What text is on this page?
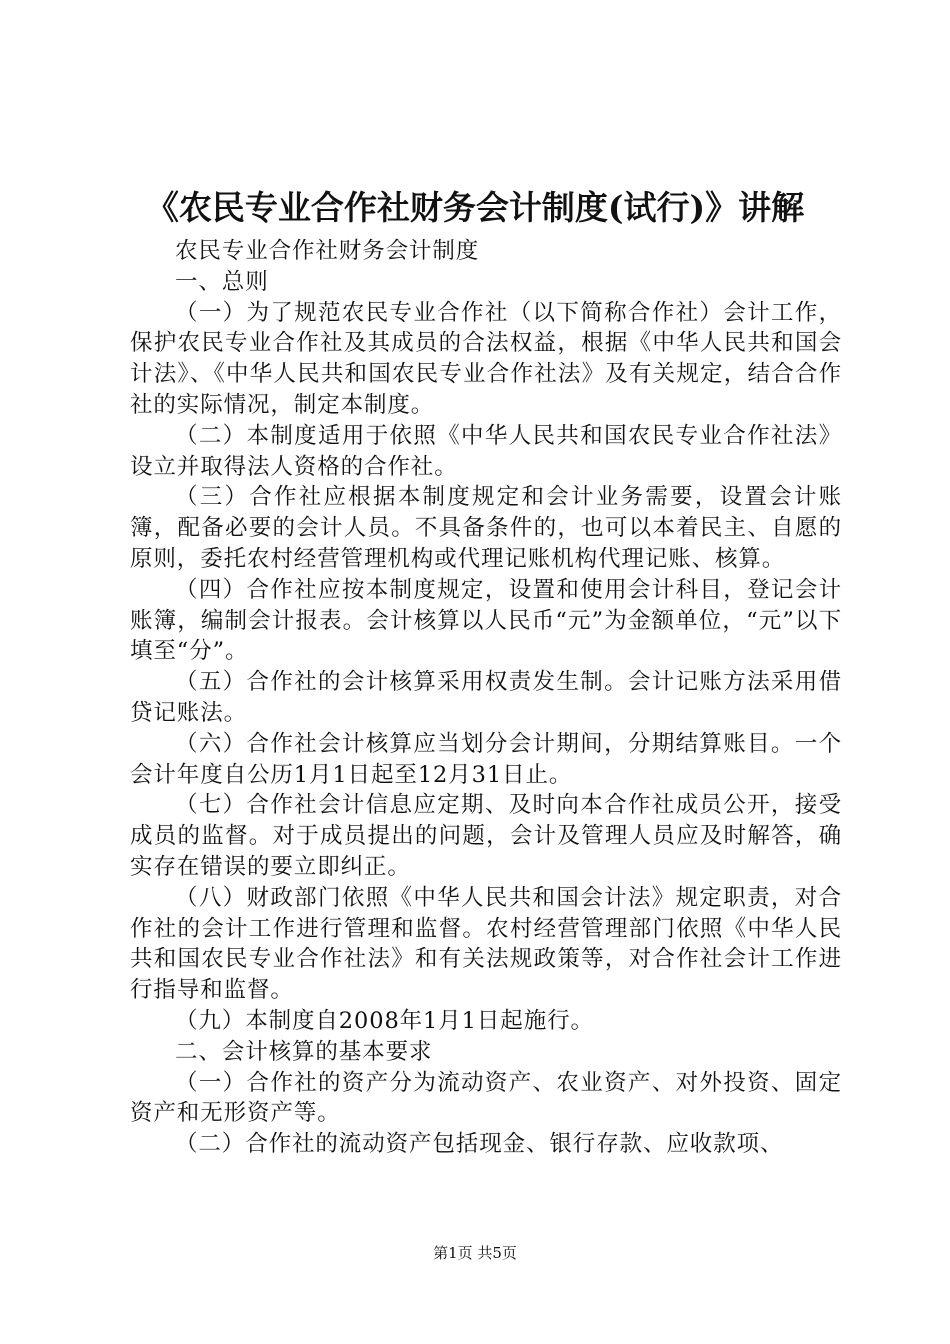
《农民专业合作社财务会计制度(试行)》讲解

农民专业合作社财务会计制度

一、总则

（一）为了规范农民专业合作社（以下简称合作社）会计工作，保护农民专业合作社及其成员的合法权益，根据《中华人民共和国会计法》、《中华人民共和国农民专业合作社法》及有关规定，结合合作社的实际情况，制定本制度。

（二）本制度适用于依照《中华人民共和国农民专业合作社法》设立并取得法人资格的合作社。

（三）合作社应根据本制度规定和会计业务需要，设置会计账簿，配备必要的会计人员。不具备条件的，也可以本着民主、自愿的原则，委托农村经营管理机构或代理记账机构代理记账、核算。

（四）合作社应按本制度规定，设置和使用会计科目，登记会计账簿，编制会计报表。会计核算以人民币“元”为金额单位，“元”以下填至“分”。

（五）合作社的会计核算采用权责发生制。会计记账方法采用借贷记账法。

（六）合作社会计核算应当划分会计期间，分期结算账目。一个会计年度自公历1月1日起至12月31日止。

（七）合作社会计信息应定期、及时向本合作社成员公开，接受成员的监督。对于成员提出的问题，会计及管理人员应及时解答，确实存在错误的要立即纠正。

（八）财政部门依照《中华人民共和国会计法》规定职责，对合作社的会计工作进行管理和监督。农村经营管理部门依照《中华人民共和国农民专业合作社法》和有关法规政策等，对合作社会计工作进行指导和监督。

（九）本制度自2008年1月1日起施行。

二、会计核算的基本要求

（一）合作社的资产分为流动资产、农业资产、对外投资、固定资产和无形资产等。

（二）合作社的流动资产包括现金、银行存款、应收款项、

第1页 共5页
